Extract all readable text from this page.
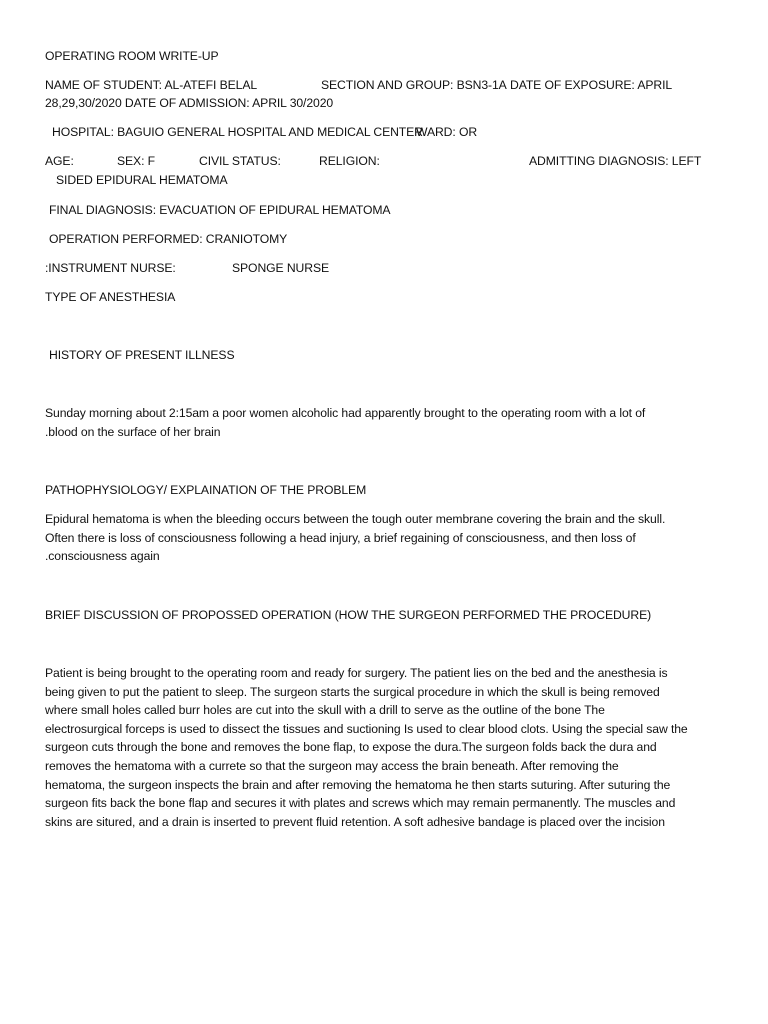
OPERATING ROOM WRITE-UP
NAME OF STUDENT: AL-ATEFI BELAL	SECTION AND GROUP: BSN3-1A DATE OF EXPOSURE: APRIL
28,29,30/2020 DATE OF ADMISSION: APRIL 30/2020
HOSPITAL: BAGUIO GENERAL HOSPITAL AND MEDICAL CENTER
WARD: OR
AGE:	SEX: F	CIVIL STATUS:	RELIGION:	ADMITTING DIAGNOSIS: LEFT
SIDED EPIDURAL HEMATOMA
FINAL DIAGNOSIS: EVACUATION OF EPIDURAL HEMATOMA
OPERATION PERFORMED: CRANIOTOMY
:INSTRUMENT NURSE:	SPONGE NURSE
TYPE OF ANESTHESIA
HISTORY OF PRESENT ILLNESS
Sunday morning about 2:15am a poor women alcoholic had apparently brought to the operating room with a lot of
.blood on the surface of her brain
PATHOPHYSIOLOGY/ EXPLAINATION OF THE PROBLEM
Epidural hematoma is when the bleeding occurs between the tough outer membrane covering the brain and the skull.
Often there is loss of consciousness following a head injury, a brief regaining of consciousness, and then loss of
.consciousness again
BRIEF DISCUSSION OF PROPOSSED OPERATION (HOW THE SURGEON PERFORMED THE PROCEDURE)
Patient is being brought to the operating room and ready for surgery. The patient lies on the bed and the anesthesia is
being given to put the patient to sleep. The surgeon starts the surgical procedure in which the skull is being removed
where small holes called burr holes are cut into the skull with a drill to serve as the outline of the bone The
electrosurgical forceps is used to dissect the tissues and suctioning Is used to clear blood clots. Using the special saw the
surgeon cuts through the bone and removes the bone flap, to expose the dura.The surgeon folds back the dura and
removes the hematoma with a currete so that the surgeon may access the brain beneath. After removing the
hematoma, the surgeon inspects the brain and after removing the hematoma he then starts suturing. After suturing the
surgeon fits back the bone flap and secures it with plates and screws which may remain permanently. The muscles and
skins are situred, and a drain is inserted to prevent fluid retention. A soft adhesive bandage is placed over the incision
